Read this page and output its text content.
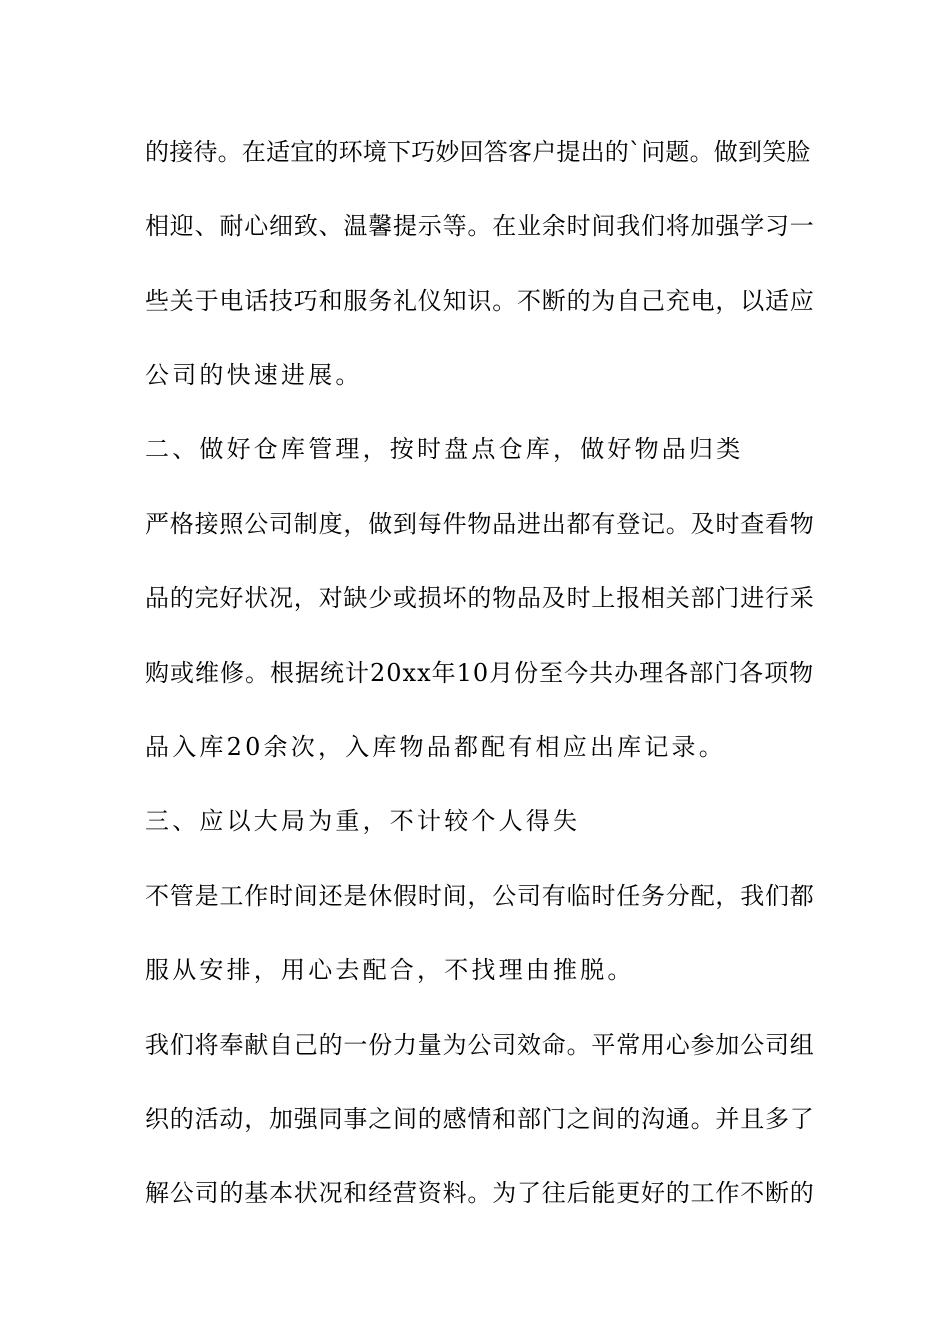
的接待。在适宜的环境下巧妙回答客户提出的`问题。做到笑脸
相迎、耐心细致、温馨提示等。在业余时间我们将加强学习一
些关于电话技巧和服务礼仪知识。不断的为自己充电，以适应
公司的快速进展。
二、做好仓库管理，按时盘点仓库，做好物品归类
严格接照公司制度，做到每件物品进出都有登记。及时查看物
品的完好状况，对缺少或损坏的物品及时上报相关部门进行采
购或维修。根据统计20xx年10月份至今共办理各部门各项物
品入库20余次，入库物品都配有相应出库记录。
三、应以大局为重，不计较个人得失
不管是工作时间还是休假时间，公司有临时任务分配，我们都
服从安排，用心去配合，不找理由推脱。
我们将奉献自己的一份力量为公司效命。平常用心参加公司组
织的活动，加强同事之间的感情和部门之间的沟通。并且多了
解公司的基本状况和经营资料。为了往后能更好的工作不断的
